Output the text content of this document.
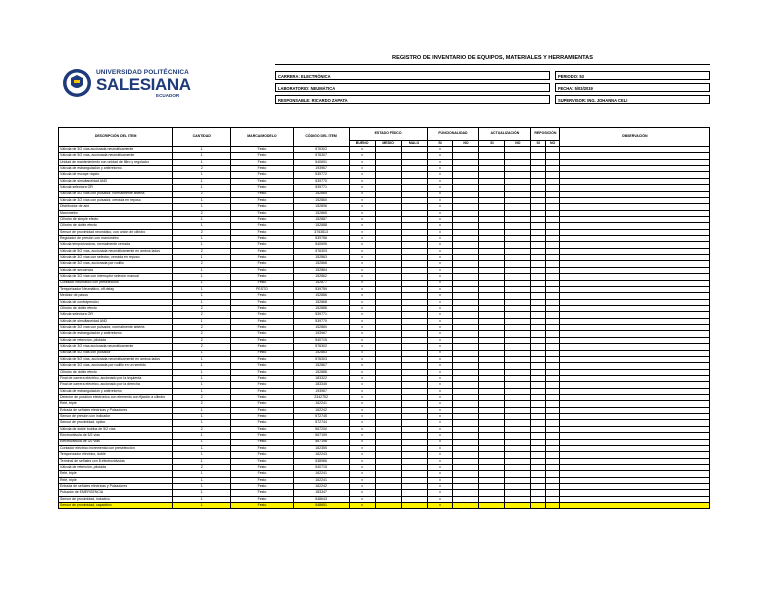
REGISTRO DE INVENTARIO DE EQUIPOS, MATERIALES Y HERRAMIENTAS
UNIVERSIDAD POLITÉCNICA
SALESIANA
ECUADOR
CARRERA: ELECTRÓNICA
LABORATORIO: NEUMÁTICA
RESPONSABLE: RICARDO ZAPATA
PERIODO: 53
FECHA: 5/03/2019
SUPERVISOR: ING. JOHANNA CELI
DESCRIPCIÓN DEL ITEM	CANTIDAD	MARCA/MODELO	CÓDIGO DEL ITEM	ESTADO FÍSICO			FUNCIONALIDAD		ACTUALIZACIÓN		REPOSICIÓN		OBSERVACIÓN
				BUENO	MEDIO	MALO	SI	NO	SI	NO	SI	NO	
Válvula de 3/2 vías accionada neumáticamente	1	Festo	576302	x			x						
Válvula de 5/2 vías, accionada neumáticamente	1	Festo	576307	x			x						
Unidad de mantenimiento con unidad de filtro y regulador	1	Festo	540691	x			x						
Válvula de estrangulación y antirretorno	2	Festo	193967	x			x						
Válvula de escape rápido	1	Festo	539772	x			x						
Válvula de simultaneidad AND	1	Festo	539770	x			x						
Válvula selectora OR	1	Festo	539771	x			x						
Válvula de 5/2 vías con pulsador, normalmente abierta	2	Festo	152865	x			x						
Válvula de 3/2 vías con pulsador, cerrada en reposo	1	Festo	152860	x			x						
Distribuidor de aire	1	Festo	152896	x			x						
Manómetro	2	Festo	152865	x			x						
Cilindro de simple efecto	1	Festo	152887	x			x						
Cilindro de doble efecto	1	Festo	152888	x			x						
Sensor de proximidad neumático, con unión de cilindro	2	Festo	3763813	x			x						
Regulador de presión con manómetro	1	Festo	539756	x			x						
Válvula temporizadora, normalmente cerrada	1	Festo	540695	x			x						
Válvula de 5/2 vías, accionada neumáticamente en ambos lados	2	Festo	576303	x			x						
Válvula de 3/2 vías con selector, cerrada en reposo	1	Festo	152863	x			x						
Válvula de 3/2 vías, accionada por rodillo	2	Festo	152866	x			x						
Válvula de secuencia	1	Festo	152884	x			x						
Válvula de 3/2 vías con interruptor selector manual	1	Festo	152862	x			x						
Contador neumático con preselección	1	Festo	152877	x			x						
Temporizador Neumático, off delay	1	FESTO	539759	x			x						
Medidor de pasos	1	Festo	152886	x			x						
Válvula de contrapresión	1	Festo	152868	x			x						
Cilindro de doble efecto	2	Festo	152888	x			x						
Válvula selectora OR	2	Festo	539771	x			x						
Válvula de simultaneidad AND	1	Festo	539770	x			x						
Válvula de 3/2 vías con pulsador, normalmente abierta	2	Festo	152860	x			x						
Válvula de estrangulación y antirretorno	2	Festo	193967	x			x						
Válvula de retención, pilotada	2	Festo	540715	x			x						
Válvula de 3/2 vías accionada neumáticamente	2	Festo	576302	x			x						
Válvula de 5/2 vías con pulsador	1	Festo	152863	x			x						
Válvula de 5/2 vías, accionada neumáticamente en ambos lados	1	Festo	576303	x			x						
Válvula de 3/2 vías, accionada por rodillo en un sentido	1	Festo	152867	x			x						
Cilindro de doble efecto	1	Festo	152888	x			x						
Final de carrera eléctrico, accionado por la izquierda	1	Festo	183322	x			x						
Final de carrera eléctrico, accionado por la derecha	1	Festo	183345	x			x						
Válvula de estrangulación y antirretorno	1	Festo	193967	x			x						
Detector de posición electrónico con elemento con fijación a cilindro	2	Festo	2342752	x			x						
Relé, triple	2	Festo	162241	x			x						
Entrada de señales eléctricas y Pulsadores	1	Festo	162242	x			x						
Sensor de presión con indicador	1	Festo	572745	x			x						
Sensor de proximidad, óptico	1	Festo	572744	x			x						
Válvula de doble bobina de 5/2 vías	2	Festo	567200	x			x						
Electroválvula de 5/2 vías	1	Festo	567199	x			x						
Electroválvula de 3/2 vías	1	Festo	567198	x			x						
Contador eléctrico incremental con preselección	1	Festo	162355	x			x						
Temporizador eléctrico, doble	1	Festo	162243	x			x						
Terminal de señales con 8 electroválvulas	1	Festo	538986	x			x						
Válvula de retención, pilotada	2	Festo	540715	x			x						
Relé, triple	1	Festo	162241	x			x						
Relé, triple	1	Festo	162241	x			x						
Entrada de señales eléctricas y Pulsadores	1	Festo	162242	x			x						
Pulsador de EMERGENCIA	1	Festo	183347	x			x						
Sensor de proximidad, inductivo	1	Festo	548643	x			x						
Sensor de proximidad, capacitivo	1	Festo	548651	x			x						
